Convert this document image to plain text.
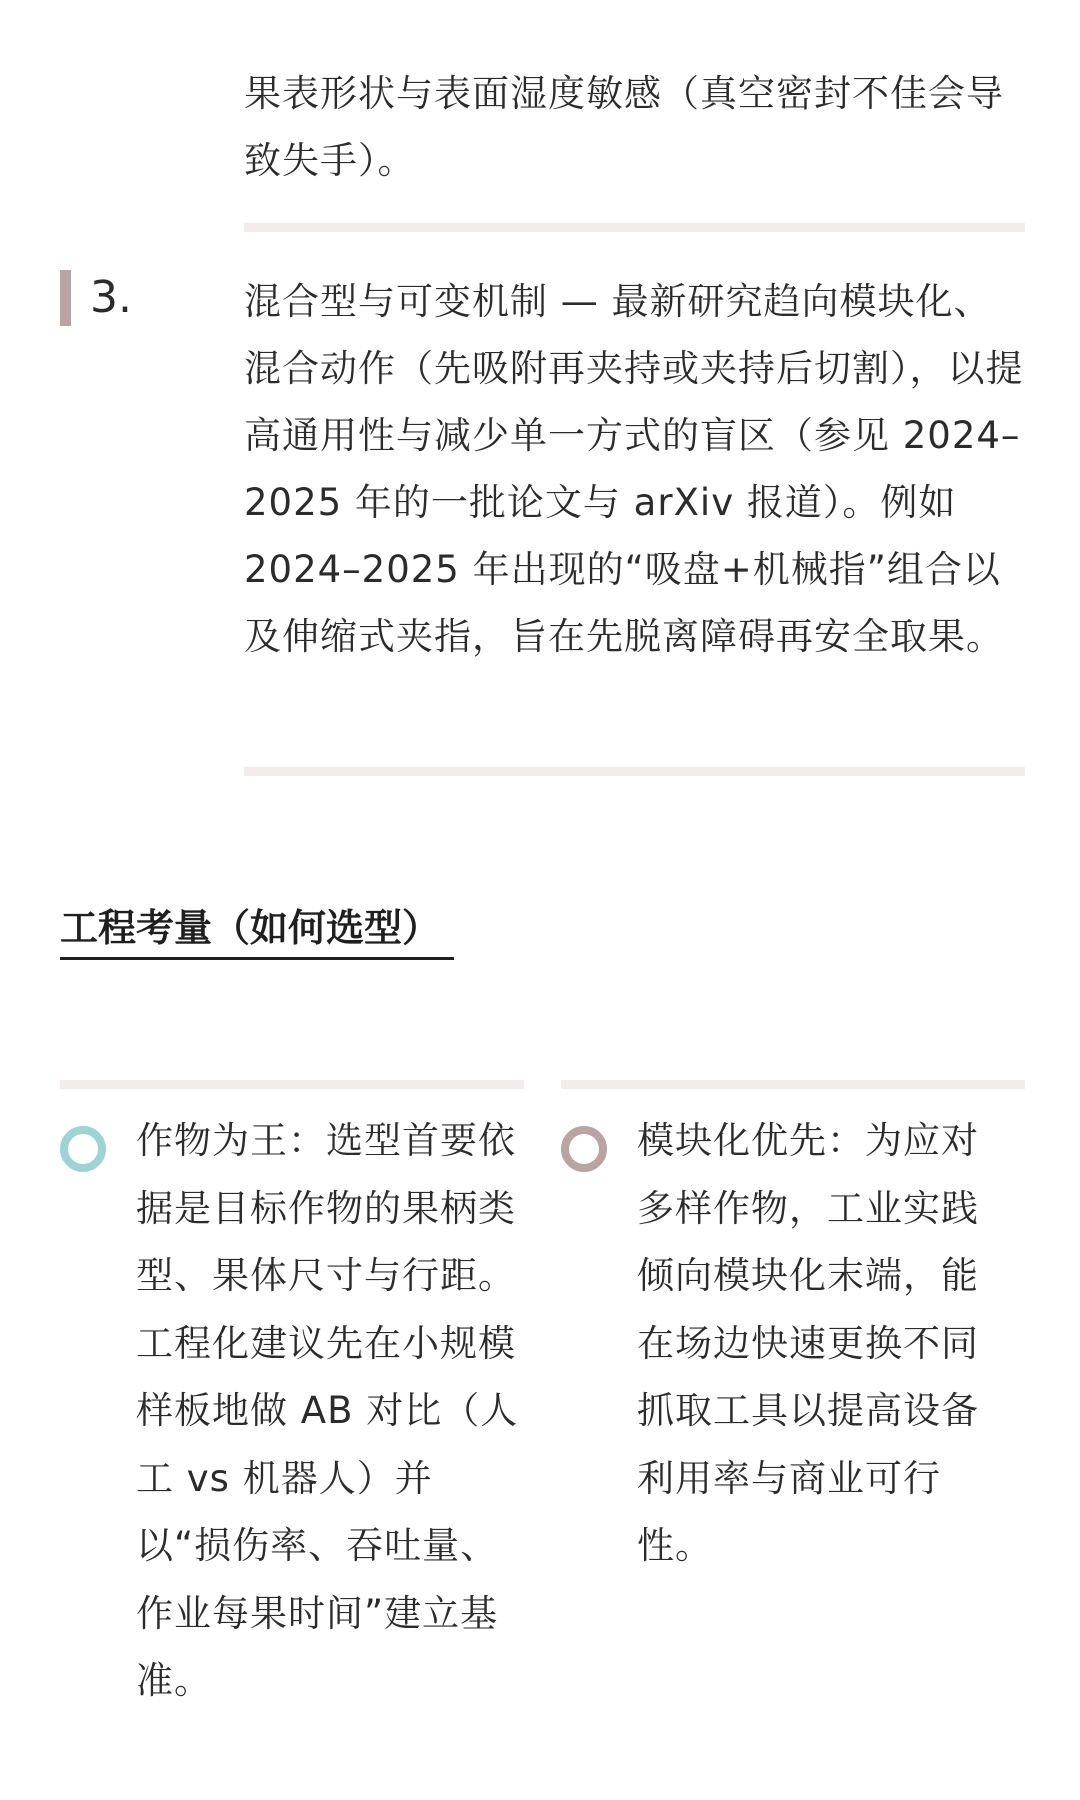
果表形状与表面湿度敏感（真空密封不佳会导致失手）。

3.	混合型与可变机制 — 最新研究趋向模块化、混合动作（先吸附再夹持或夹持后切割），以提高通用性与减少单一方式的盲区（参见 2024–2025 年的一批论文与 arXiv 报道）。例如 2024–2025 年出现的“吸盘+机械指”组合以及伸缩式夹指，旨在先脱离障碍再安全取果。

工程考量（如何选型）

作物为王：选型首要依据是目标作物的果柄类型、果体尺寸与行距。工程化建议先在小规模样板地做 AB 对比（人工 vs 机器人）并以“损伤率、吞吐量、作业每果时间”建立基准。

模块化优先：为应对多样作物，工业实践倾向模块化末端，能在场边快速更换不同抓取工具以提高设备利用率与商业可行性。
